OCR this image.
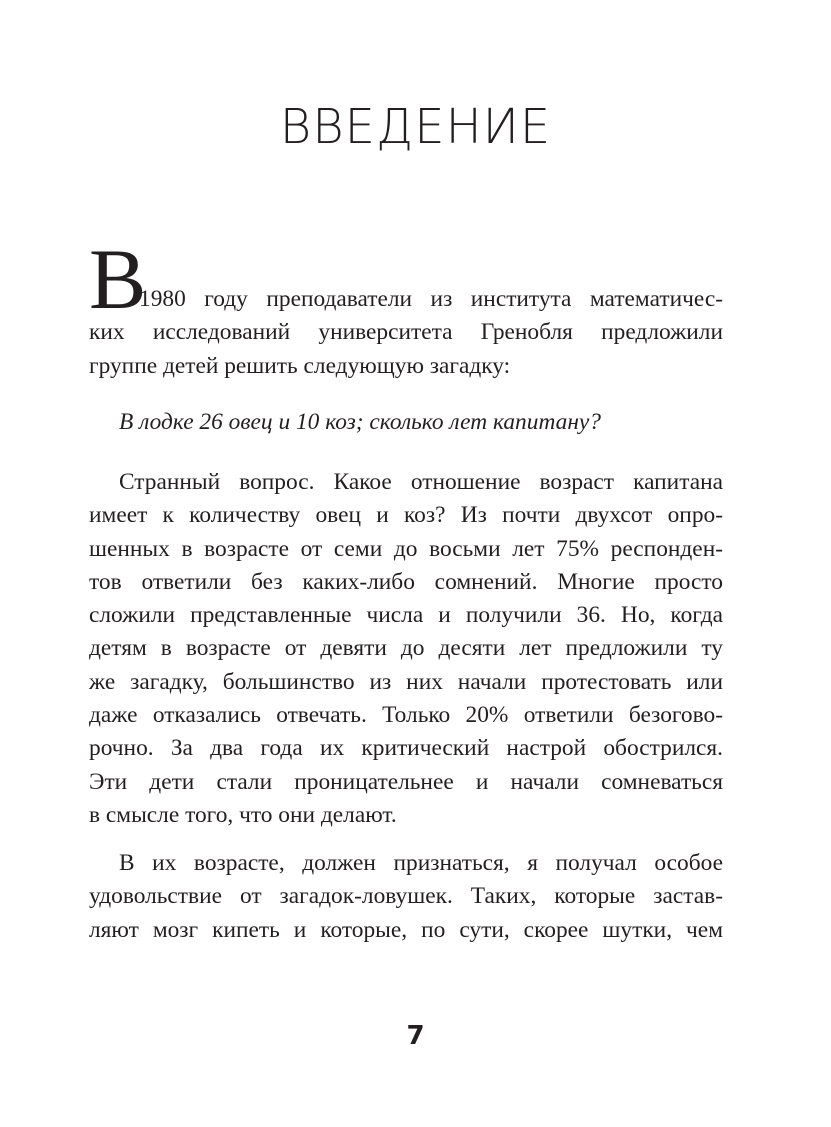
ВВЕДЕНИЕ
В
1980 году преподаватели из института математичес-
ких исследований университета Гренобля предложили
группе детей решить следующую загадку:

В лодке 26 овец и 10 коз; сколько лет капитану?

Странный вопрос. Какое отношение возраст капитана
имеет к количеству овец и коз? Из почти двухсот опро-
шенных в возрасте от семи до восьми лет 75% респонден-
тов ответили без каких-либо сомнений. Многие просто
сложили представленные числа и получили 36. Но, когда
детям в возрасте от девяти до десяти лет предложили ту
же загадку, большинство из них начали протестовать или
даже отказались отвечать. Только 20% ответили безогово-
рочно. За два года их критический настрой обострился.
Эти дети стали проницательнее и начали сомневаться
в смысле того, что они делают.
В их возрасте, должен признаться, я получал особое
удовольствие от загадок-ловушек. Таких, которые застав-
ляют мозг кипеть и которые, по сути, скорее шутки, чем

7
